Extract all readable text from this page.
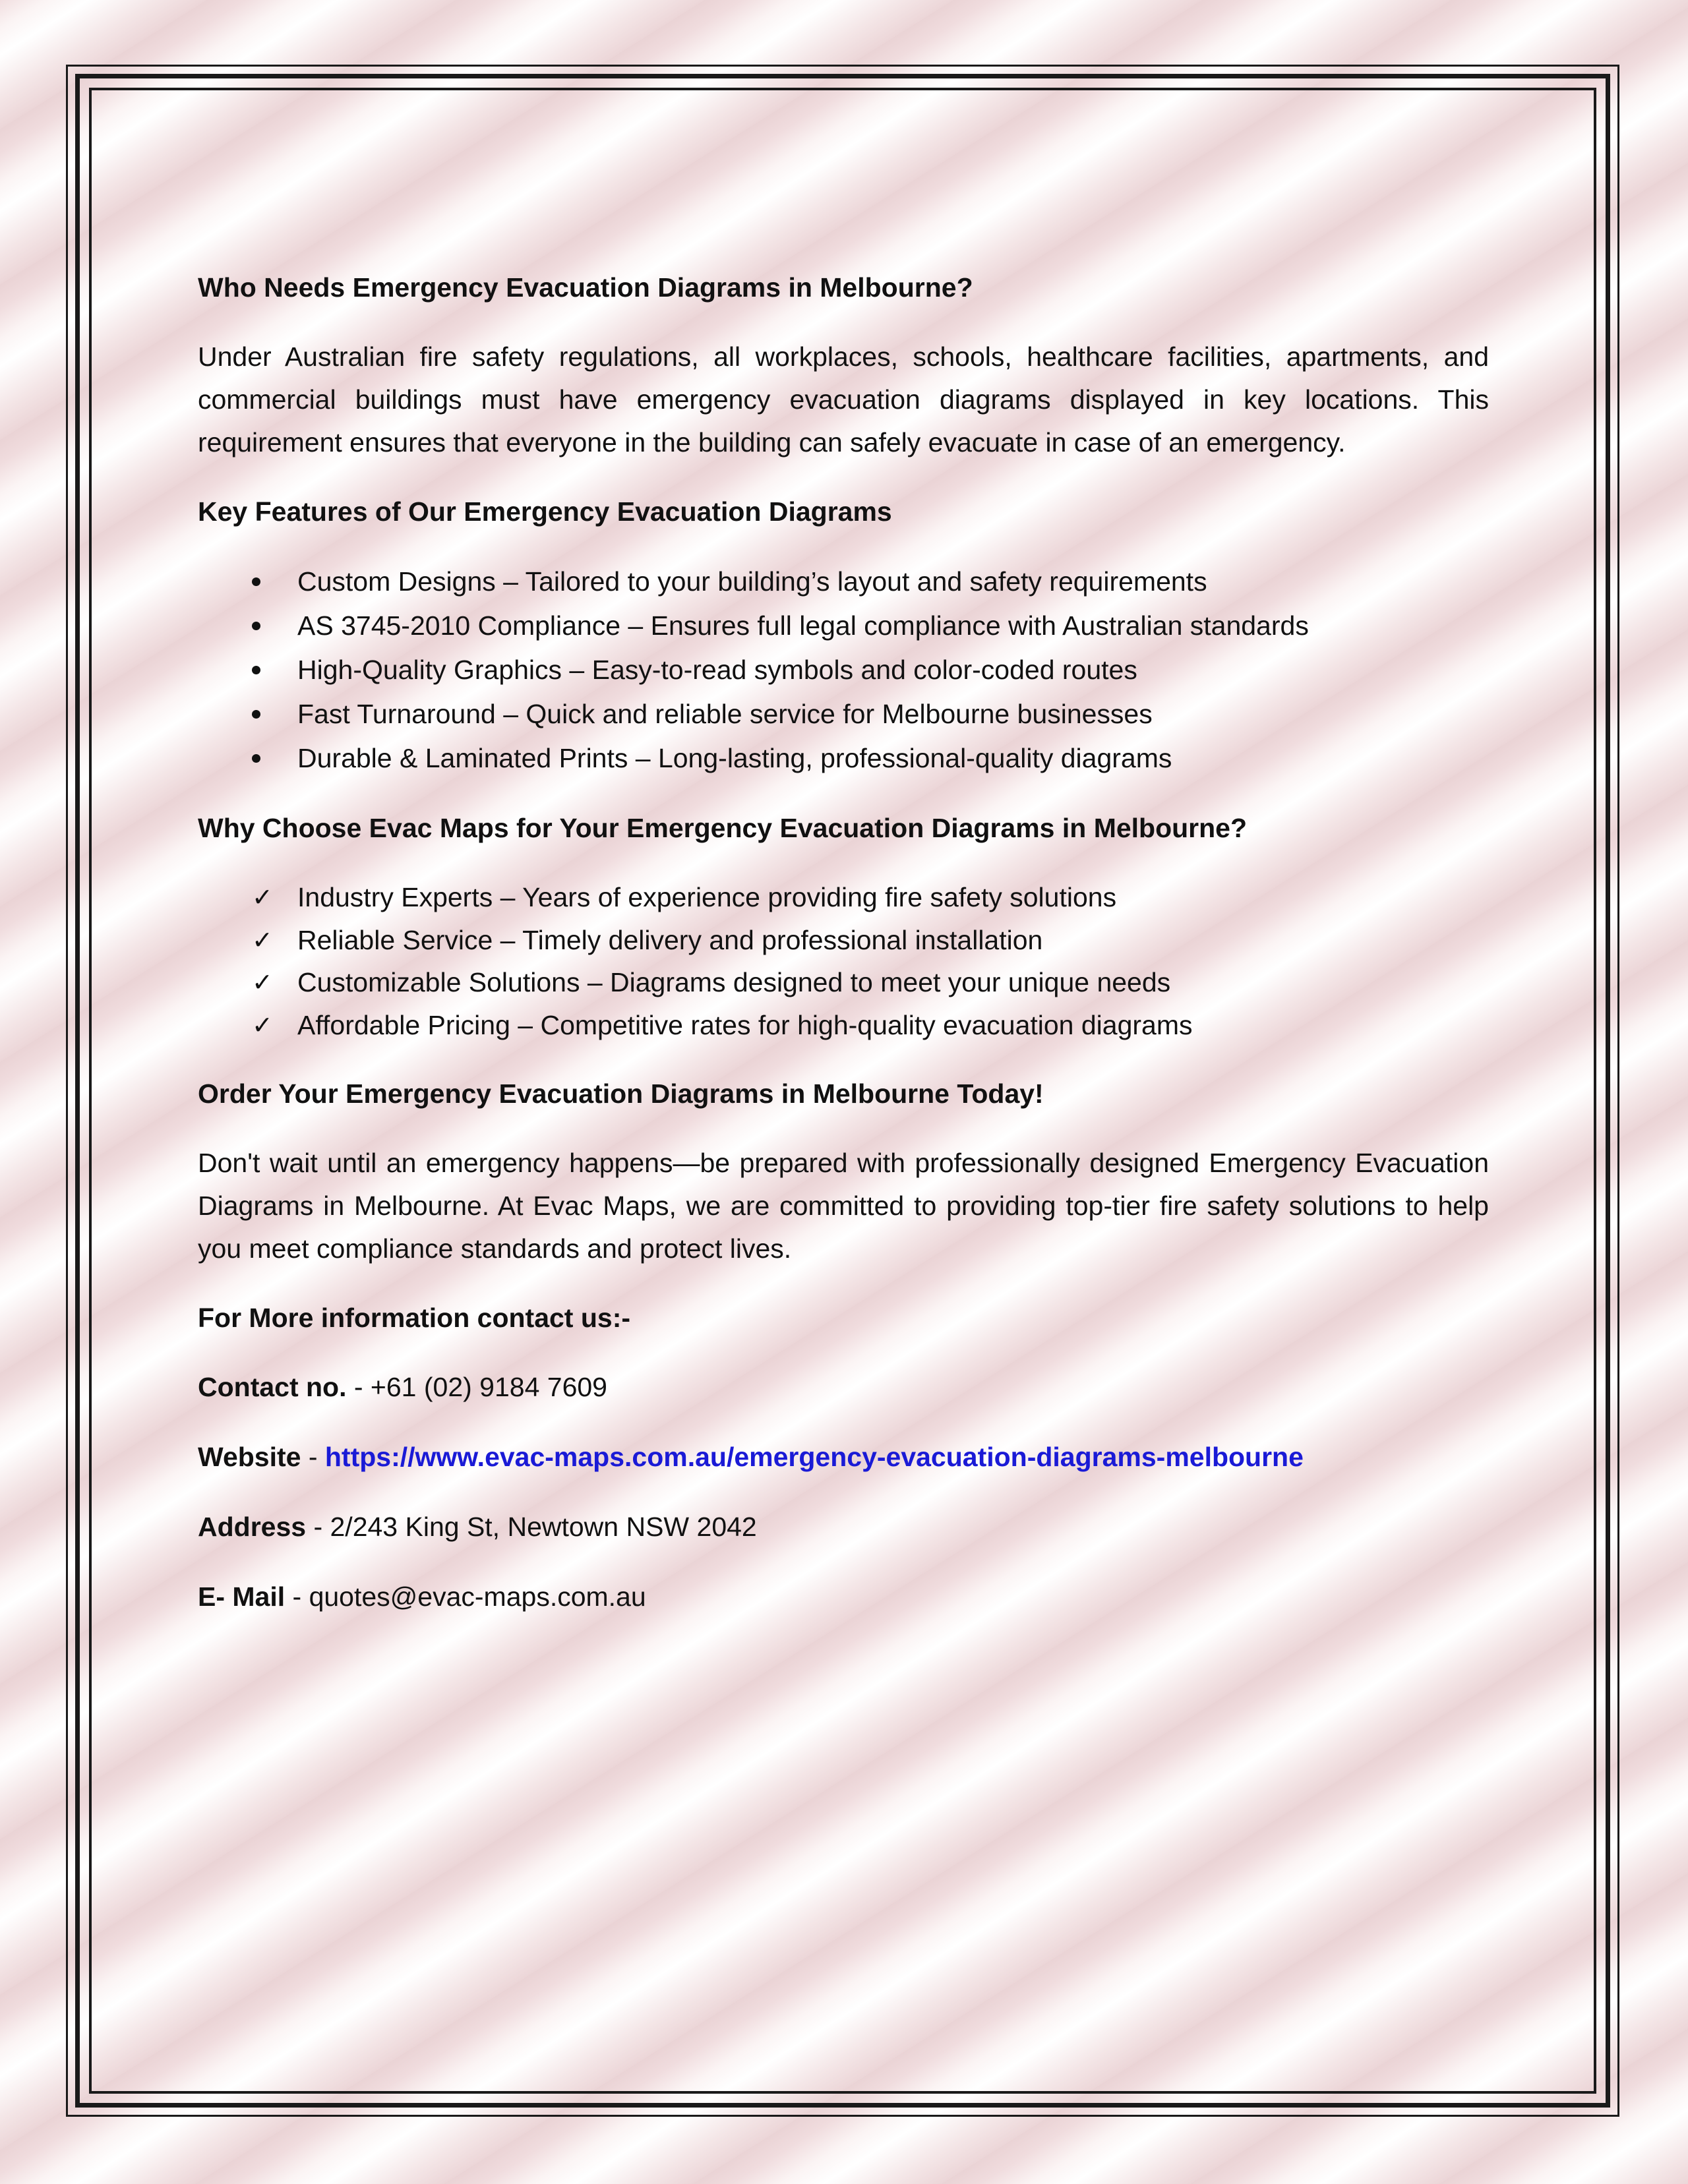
Who Needs Emergency Evacuation Diagrams in Melbourne?
Under Australian fire safety regulations, all workplaces, schools, healthcare facilities, apartments, and commercial buildings must have emergency evacuation diagrams displayed in key locations. This requirement ensures that everyone in the building can safely evacuate in case of an emergency.
Key Features of Our Emergency Evacuation Diagrams
Custom Designs – Tailored to your building’s layout and safety requirements
AS 3745-2010 Compliance – Ensures full legal compliance with Australian standards
High-Quality Graphics – Easy-to-read symbols and color-coded routes
Fast Turnaround – Quick and reliable service for Melbourne businesses
Durable & Laminated Prints – Long-lasting, professional-quality diagrams
Why Choose Evac Maps for Your Emergency Evacuation Diagrams in Melbourne?
✓ Industry Experts – Years of experience providing fire safety solutions
✓ Reliable Service – Timely delivery and professional installation
✓ Customizable Solutions – Diagrams designed to meet your unique needs
✓ Affordable Pricing – Competitive rates for high-quality evacuation diagrams
Order Your Emergency Evacuation Diagrams in Melbourne Today!
Don't wait until an emergency happens—be prepared with professionally designed Emergency Evacuation Diagrams in Melbourne. At Evac Maps, we are committed to providing top-tier fire safety solutions to help you meet compliance standards and protect lives.
For More information contact us:-
Contact no. - +61 (02) 9184 7609
Website - https://www.evac-maps.com.au/emergency-evacuation-diagrams-melbourne
Address - 2/243 King St, Newtown NSW 2042
E- Mail - quotes@evac-maps.com.au
